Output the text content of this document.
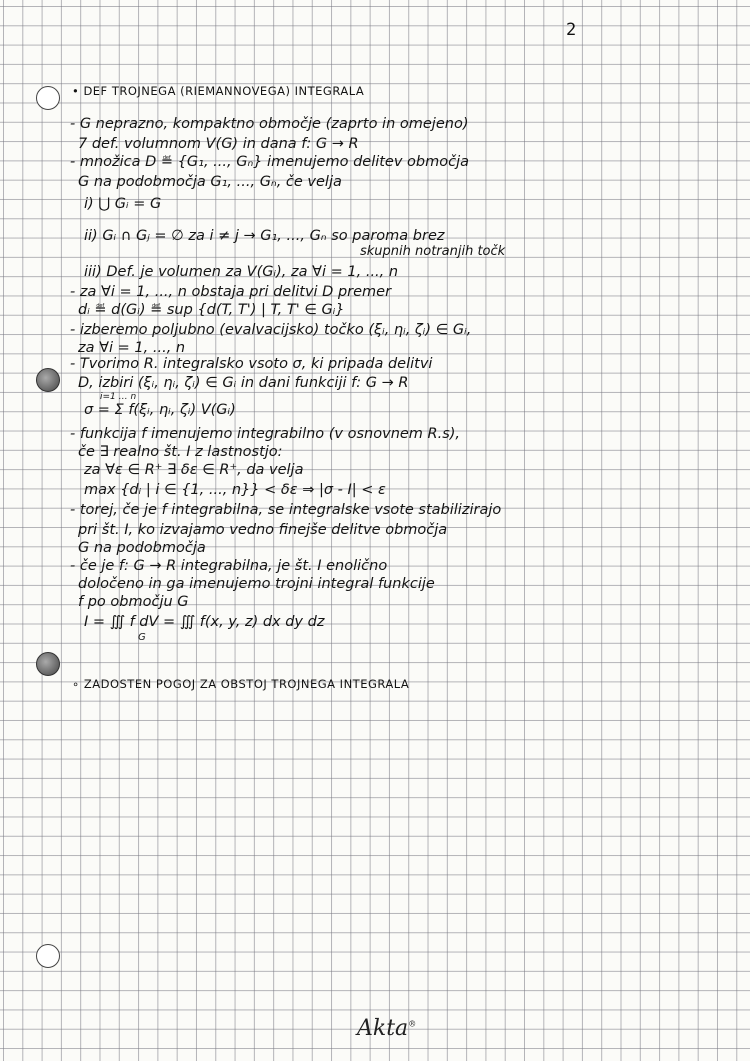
2
• DEF TROJNEGA (RIEMANNOVEGA) INTEGRALA
- G neprazno, kompaktno območje (zaprto in omejeno)
7 def. volumnom V(G) in dana f: G → R
- množica D ≝ {G₁, ..., Gₙ} imenujemo delitev območja
G na podobmočja G₁, ..., Gₙ, če velja
i) ⋃ Gᵢ = G
ii) Gᵢ ∩ Gⱼ = ∅ za i ≠ j → G₁, ..., Gₙ so paroma brez
skupnih notranjih točk
iii) Def. je volumen za V(Gᵢ), za ∀i = 1, ..., n
- za ∀i = 1, ..., n obstaja pri delitvi D premer
dᵢ ≝ d(Gᵢ) ≝ sup {d(T, T') | T, T' ∈ Gᵢ}
- izberemo poljubno (evalvacijsko) točko (ξᵢ, ηᵢ, ζᵢ) ∈ Gᵢ,
za ∀i = 1, ..., n
- Tvorimo R. integralsko vsoto σ, ki pripada delitvi
D, izbiri (ξᵢ, ηᵢ, ζᵢ) ∈ Gᵢ in dani funkciji f: G → R
i=1 … n
σ = Σ f(ξᵢ, ηᵢ, ζᵢ) V(Gᵢ)
- funkcija f imenujemo integrabilno (v osnovnem R.s),
če ∃ realno št. I z lastnostjo:
za ∀ε ∈ R⁺ ∃ δε ∈ R⁺, da velja
max {dᵢ | i ∈ {1, ..., n}} < δε ⇒ |σ - I| < ε
- torej, če je f integrabilna, se integralske vsote stabilizirajo
pri št. I, ko izvajamo vedno finejše delitve območja
G na podobmočja
- če je f: G → R integrabilna, je št. I enolično
določeno in ga imenujemo trojni integral funkcije
f po območju G
I = ∭ f dV = ∭ f(x, y, z) dx dy dz
G
∘ ZADOSTEN POGOJ ZA OBSTOJ TROJNEGA INTEGRALA
Akta®
